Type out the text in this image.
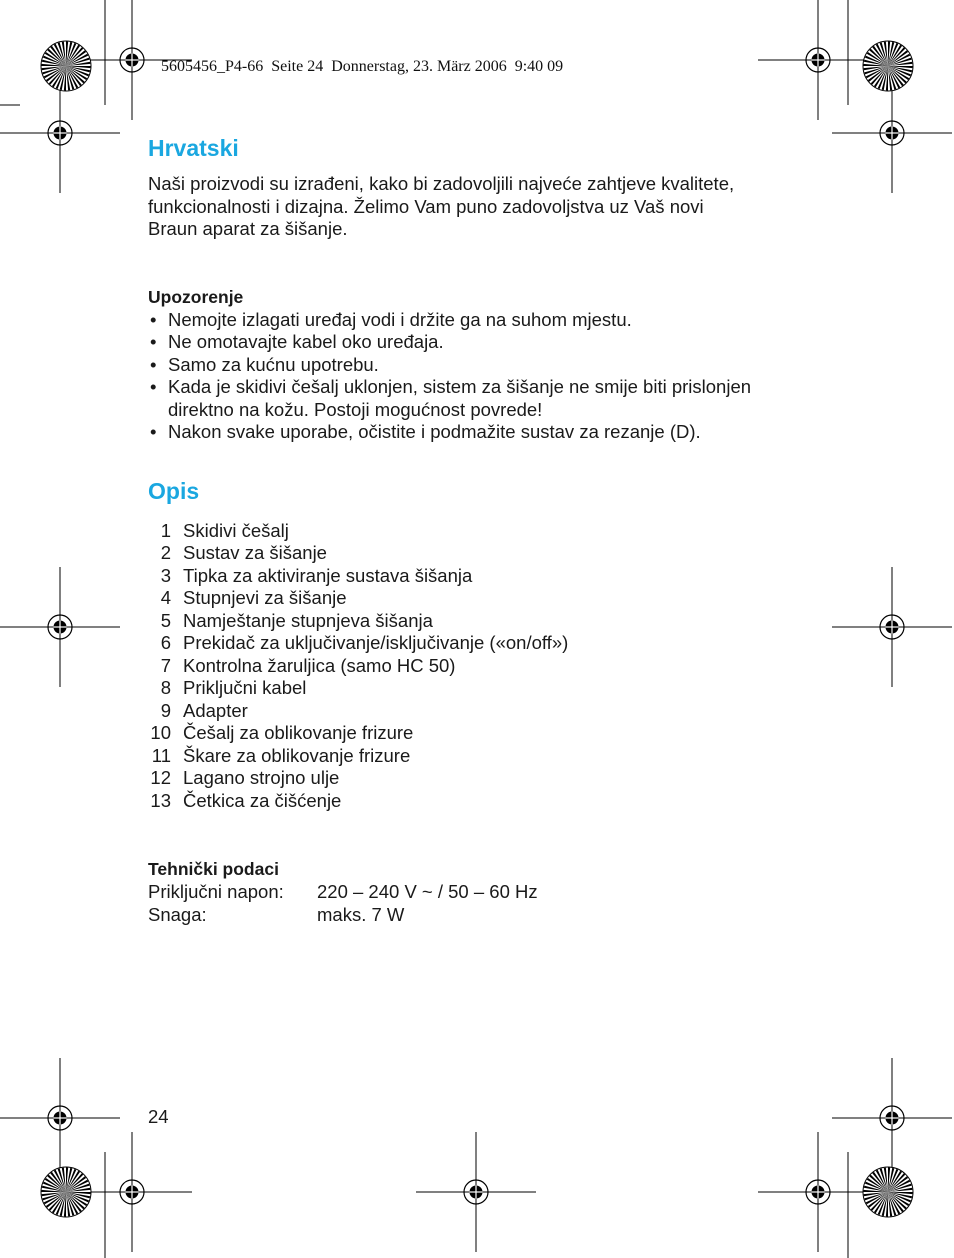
5605456_P4-66  Seite 24  Donnerstag, 23. März 2006  9:40 09
Hrvatski

Naši proizvodi su izrađeni, kako bi zadovoljili najveće zahtjeve kvalitete,
funkcionalnosti i dizajna. Želimo Vam puno zadovoljstva uz Vaš novi
Braun aparat za šišanje.

Upozorenje
• Nemojte izlagati uređaj vodi i držite ga na suhom mjestu.
• Ne omotavajte kabel oko uređaja.
• Samo za kućnu upotrebu.
• Kada je skidivi češalj uklonjen, sistem za šišanje ne smije biti prislonjen
direktno na kožu. Postoji mogućnost povrede!
• Nakon svake uporabe, očistite i podmažite sustav za rezanje (D).
Opis
1 Skidivi češalj
2 Sustav za šišanje
3 Tipka za aktiviranje sustava šišanja
4 Stupnjevi za šišanje
5 Namještanje stupnjeva šišanja
6 Prekidač za uključivanje/isključivanje («on/off»)
7 Kontrolna žaruljica (samo HC 50)
8 Priključni kabel
9 Adapter
10 Češalj za oblikovanje frizure
11 Škare za oblikovanje frizure
12 Lagano strojno ulje
13 Četkica za čišćenje
Tehnički podaci
Priključni napon:	220 – 240 V ~ / 50 – 60 Hz
Snaga:	maks. 7 W
24
